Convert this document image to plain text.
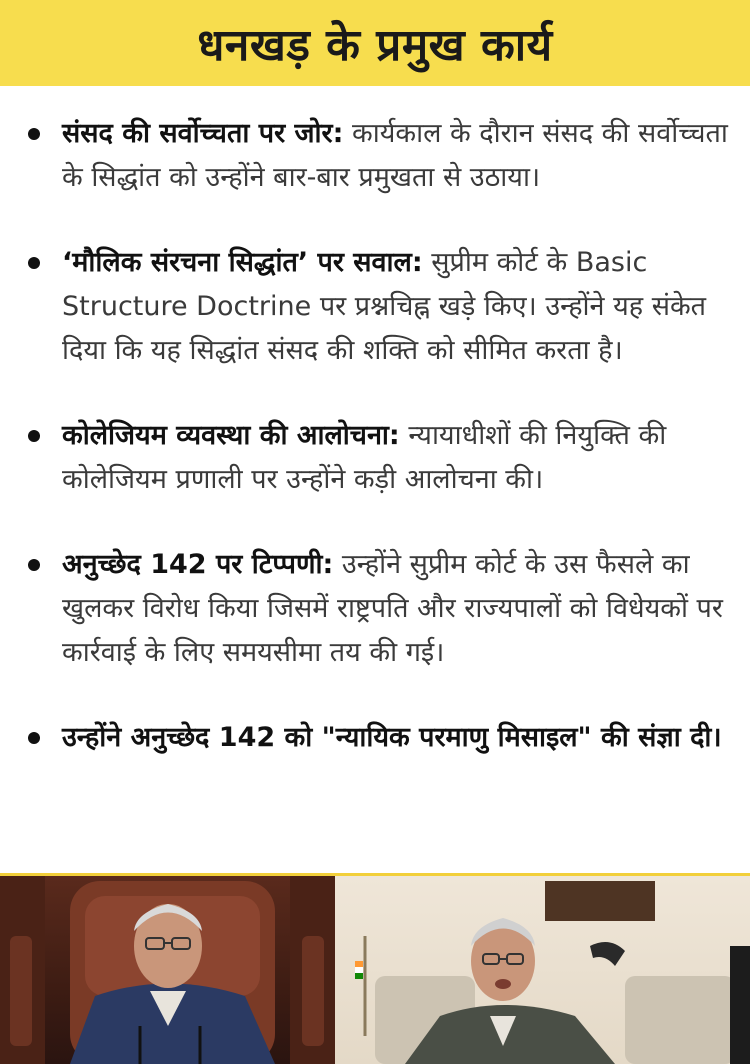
धनखड़ के प्रमुख कार्य
संसद की सर्वोच्चता पर जोर: कार्यकाल के दौरान संसद की सर्वोच्चता के सिद्धांत को उन्होंने बार-बार प्रमुखता से उठाया।
‘मौलिक संरचना सिद्धांत’ पर सवाल: सुप्रीम कोर्ट के Basic Structure Doctrine पर प्रश्नचिह्न खड़े किए। उन्होंने यह संकेत दिया कि यह सिद्धांत संसद की शक्ति को सीमित करता है।
कोलेजियम व्यवस्था की आलोचना: न्यायाधीशों की नियुक्ति की कोलेजियम प्रणाली पर उन्होंने कड़ी आलोचना की।
अनुच्छेद 142 पर टिप्पणी: उन्होंने सुप्रीम कोर्ट के उस फैसले का खुलकर विरोध किया जिसमें राष्ट्रपति और राज्यपालों को विधेयकों पर कार्रवाई के लिए समयसीमा तय की गई।
उन्होंने अनुच्छेद 142 को "न्यायिक परमाणु मिसाइल" की संज्ञा दी।
